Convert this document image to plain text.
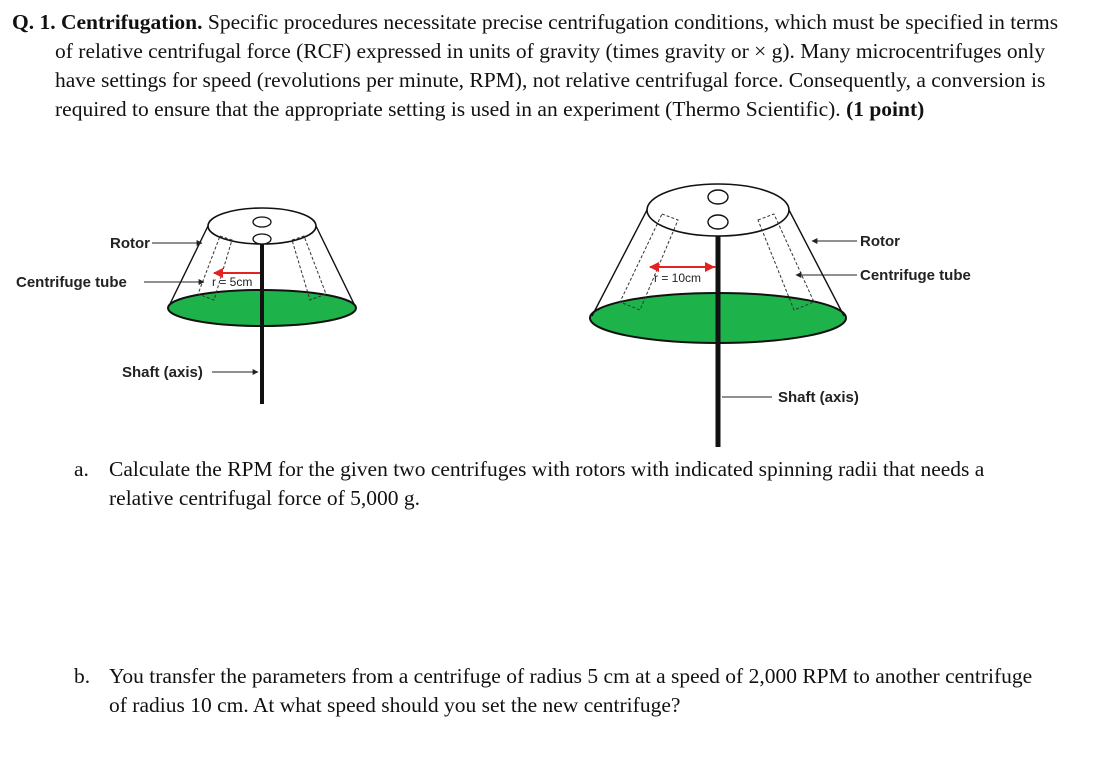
Q. 1. Centrifugation. Specific procedures necessitate precise centrifugation conditions, which must be specified in terms of relative centrifugal force (RCF) expressed in units of gravity (times gravity or × g). Many microcentrifuges only have settings for speed (revolutions per minute, RPM), not relative centrifugal force. Consequently, a conversion is required to ensure that the appropriate setting is used in an experiment (Thermo Scientific). (1 point)

r = 5cm
Rotor
Centrifuge tube
Shaft (axis)
r = 10cm
Rotor
Centrifuge tube
Shaft (axis)
a. Calculate the RPM for the given two centrifuges with rotors with indicated spinning radii that needs a relative centrifugal force of 5,000 g.
b. You transfer the parameters from a centrifuge of radius 5 cm at a speed of 2,000 RPM to another centrifuge of radius 10 cm. At what speed should you set the new centrifuge?
